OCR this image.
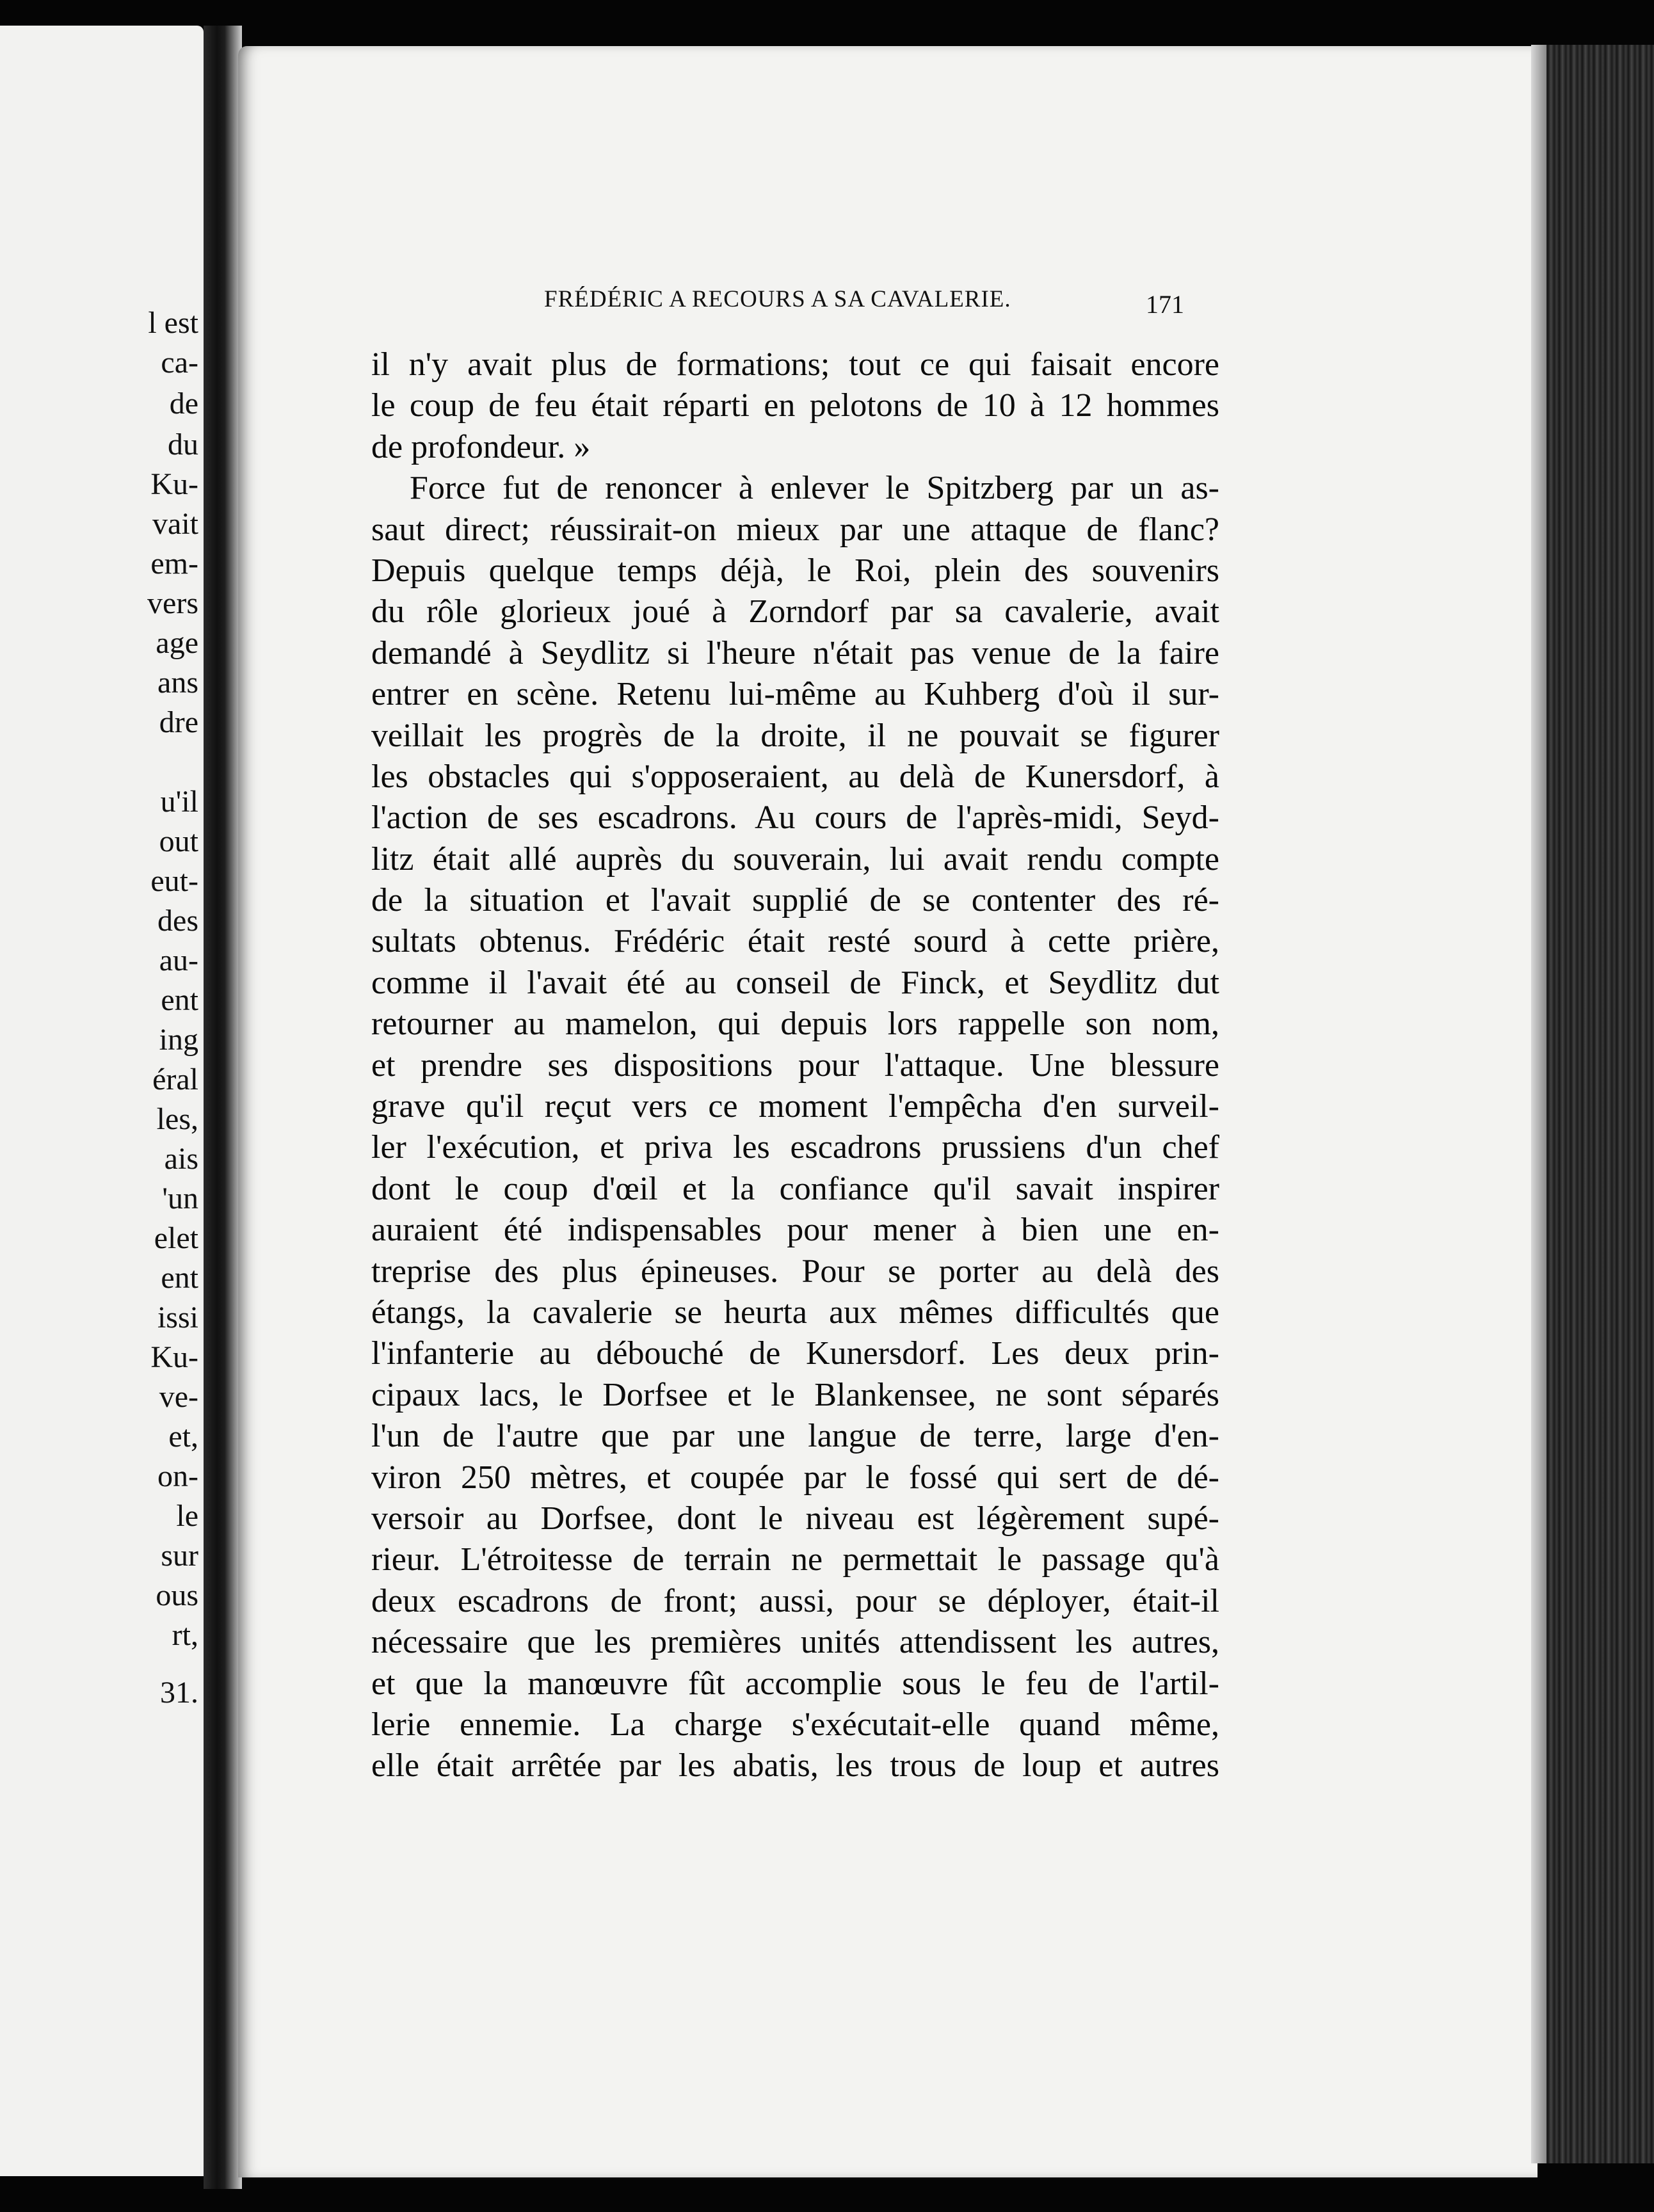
l est
ca-
de
du
Ku-
vait
em-
vers
age
ans
dre
u'il
out
eut-
des
au-
ent
ing
éral
les,
ais
'un
elet
ent
issi
Ku-
ve-
et,
on-
le
sur
ous
rt,
31.
FRÉDÉRIC A RECOURS A SA CAVALERIE.	171
il n'y avait plus de formations; tout ce qui faisait encore
le coup de feu était réparti en pelotons de 10 à 12 hommes
de profondeur. »
Force fut de renoncer à enlever le Spitzberg par un as-
saut direct; réussirait-on mieux par une attaque de flanc?
Depuis quelque temps déjà, le Roi, plein des souvenirs
du rôle glorieux joué à Zorndorf par sa cavalerie, avait
demandé à Seydlitz si l'heure n'était pas venue de la faire
entrer en scène. Retenu lui-même au Kuhberg d'où il sur-
veillait les progrès de la droite, il ne pouvait se figurer
les obstacles qui s'opposeraient, au delà de Kunersdorf, à
l'action de ses escadrons. Au cours de l'après-midi, Seyd-
litz était allé auprès du souverain, lui avait rendu compte
de la situation et l'avait supplié de se contenter des ré-
sultats obtenus. Frédéric était resté sourd à cette prière,
comme il l'avait été au conseil de Finck, et Seydlitz dut
retourner au mamelon, qui depuis lors rappelle son nom,
et prendre ses dispositions pour l'attaque. Une blessure
grave qu'il reçut vers ce moment l'empêcha d'en surveil-
ler l'exécution, et priva les escadrons prussiens d'un chef
dont le coup d'œil et la confiance qu'il savait inspirer
auraient été indispensables pour mener à bien une en-
treprise des plus épineuses. Pour se porter au delà des
étangs, la cavalerie se heurta aux mêmes difficultés que
l'infanterie au débouché de Kunersdorf. Les deux prin-
cipaux lacs, le Dorfsee et le Blankensee, ne sont séparés
l'un de l'autre que par une langue de terre, large d'en-
viron 250 mètres, et coupée par le fossé qui sert de dé-
versoir au Dorfsee, dont le niveau est légèrement supé-
rieur. L'étroitesse de terrain ne permettait le passage qu'à
deux escadrons de front; aussi, pour se déployer, était-il
nécessaire que les premières unités attendissent les autres,
et que la manœuvre fût accomplie sous le feu de l'artil-
lerie ennemie. La charge s'exécutait-elle quand même,
elle était arrêtée par les abatis, les trous de loup et autres
